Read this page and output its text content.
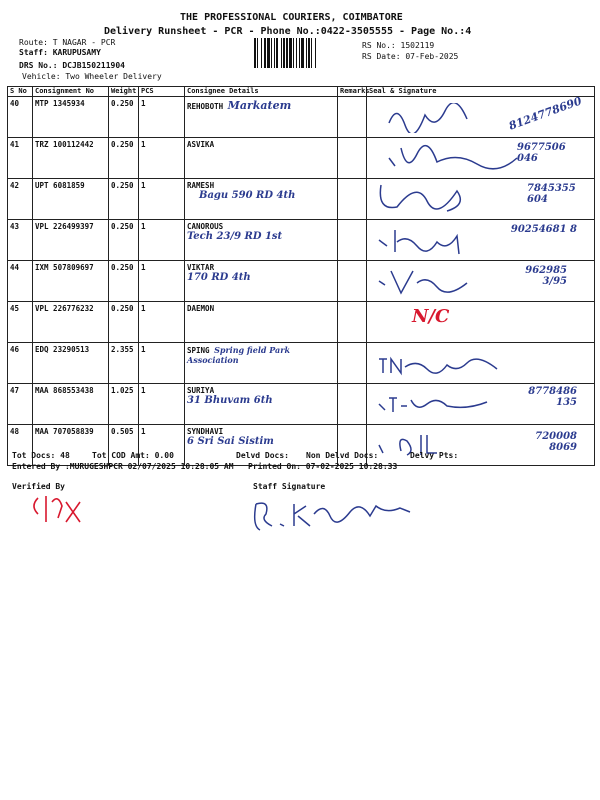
THE PROFESSIONAL COURIERS, COIMBATORE
Delivery Runsheet - PCR - Phone No.:0422-3505555 - Page No.:4
Route: T NAGAR - PCR
Staff: KARUPUSAMY
DRS No.: DCJB150211904
Vehicle: Two Wheeler Delivery
RS No.: 1502119
RS Date: 07-Feb-2025
S No	Consignment No	Weight	PCS	Consignee Details	Remarks	Seal & Signature
40	MTP 1345934	0.250	1	REHOBOTH Markatem		8124778690

41	TRZ 100112442	0.250	1	ASVIKA		9677506 046

42	UPT 6081859	0.250	1	RAMESH
Bagu 590 RD 4th		7845355 604

43	VPL 226499397	0.250	1	CANOROUS
Tech 23/9 RD 1st		90254681 8

44	IXM 507809697	0.250	1	VIKTAR
170 RD 4th		962985 3/95

45	VPL 226776232	0.250	1	DAEMON		N/C

46	EDQ 23290513	2.355	1	SPING Spring field Park Association		

47	MAA 868553438	1.025	1	SURIYA
31 Bhuvam 6th		8778486 135

48	MAA 707058839	0.505	1	SYNDHAVI
6 Sri Sai Sistim		720008 8069
Tot Docs: 48	Tot COD Amt: 0.00	Delvd Docs: Non Delvd Docs:	Delvy Pts:
Entered By :MURUGESHPCR 02/07/2025 10:28:05 AM Printed On: 07-02-2025 10:28:33
Verified By	Staff Signature
